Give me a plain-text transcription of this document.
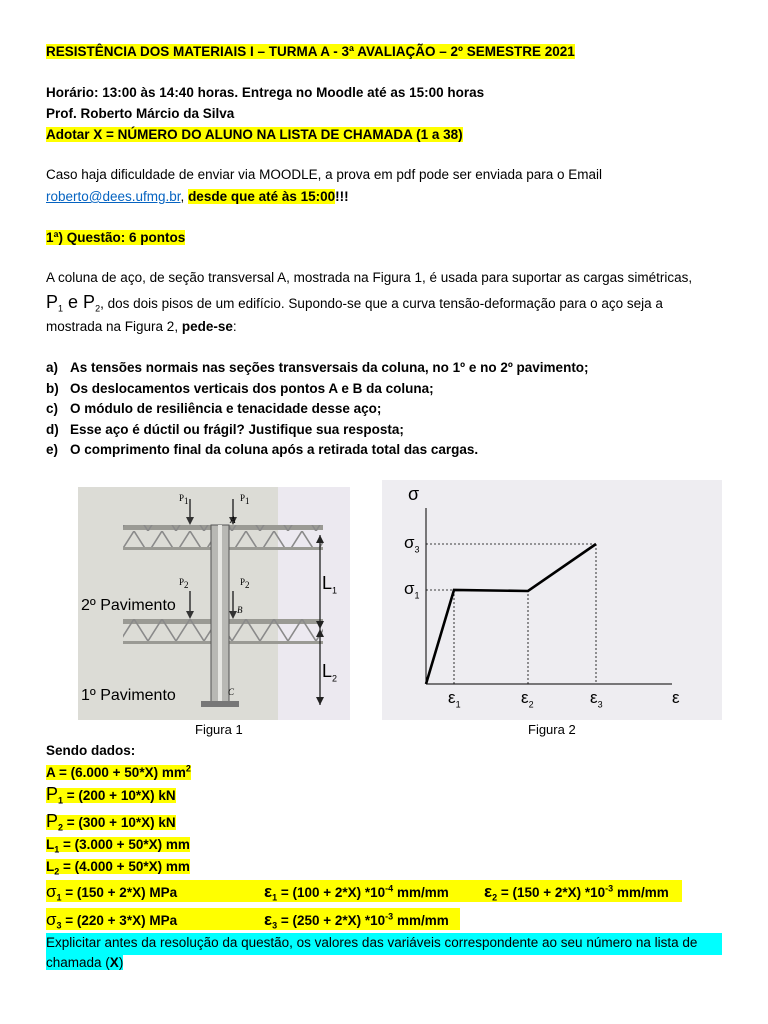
RESISTÊNCIA DOS MATERIAIS I – TURMA A - 3ª AVALIAÇÃO – 2º SEMESTRE 2021
Horário: 13:00 às 14:40 horas. Entrega no Moodle até as 15:00 horas
Prof. Roberto Márcio da Silva
Adotar X = NÚMERO DO ALUNO NA LISTA DE CHAMADA (1 a 38)
Caso haja dificuldade de enviar via MOODLE, a prova em pdf pode ser enviada para o Email
roberto@dees.ufmg.br, desde que até às 15:00!!!
1ª) Questão: 6 pontos
A coluna de aço, de seção transversal A, mostrada na Figura 1, é usada para suportar as cargas simétricas,
$P_1$ e $P_2$, dos dois pisos de um edifício. Supondo-se que a curva tensão-deformação para o aço seja a
mostrada na Figura 2, pede-se:
a) As tensões normais nas seções transversais da coluna, no 1º e no 2º pavimento;
b) Os deslocamentos verticais dos pontos A e B da coluna;
c) O módulo de resiliência e tenacidade desse aço;
d) Esse aço é dúctil ou frágil? Justifique sua resposta;
e) O comprimento final da coluna após a retirada total das cargas.
$P_1$	$P_1$
$P_2$	$P_2$
A
B
C
2º Pavimento
1º Pavimento
$L_1$
$L_2$
Figura 1
σ
$\sigma_3$
$\sigma_1$
$\varepsilon_1$	$\varepsilon_2$	$\varepsilon_3$	ε
Figura 2
Sendo dados:
A = (6.000 + 50*X) $mm^2$
$P_1 = (200 + 10*X)$ kN
$P_2 = (300 + 10*X)$ kN
$L_1 = (3.000 + 50*X)$ mm
$L_2 = (4.000 + 50*X)$ mm
$\sigma_1 = (150 + 2*X)$ MPa	$\varepsilon_1 = (100 + 2*X)$ $*10^{-4}$ mm/mm $\varepsilon_2 = (150 + 2*X)$ $*10^{-3}$ mm/mm
$\sigma_3 = (220 + 3*X)$ MPa	$\varepsilon_3 = (250 + 2*X)$ $*10^{-3}$ mm/mm
Explicitar antes da resolução da questão, os valores das variáveis correspondente ao seu número na lista de
chamada (X)
